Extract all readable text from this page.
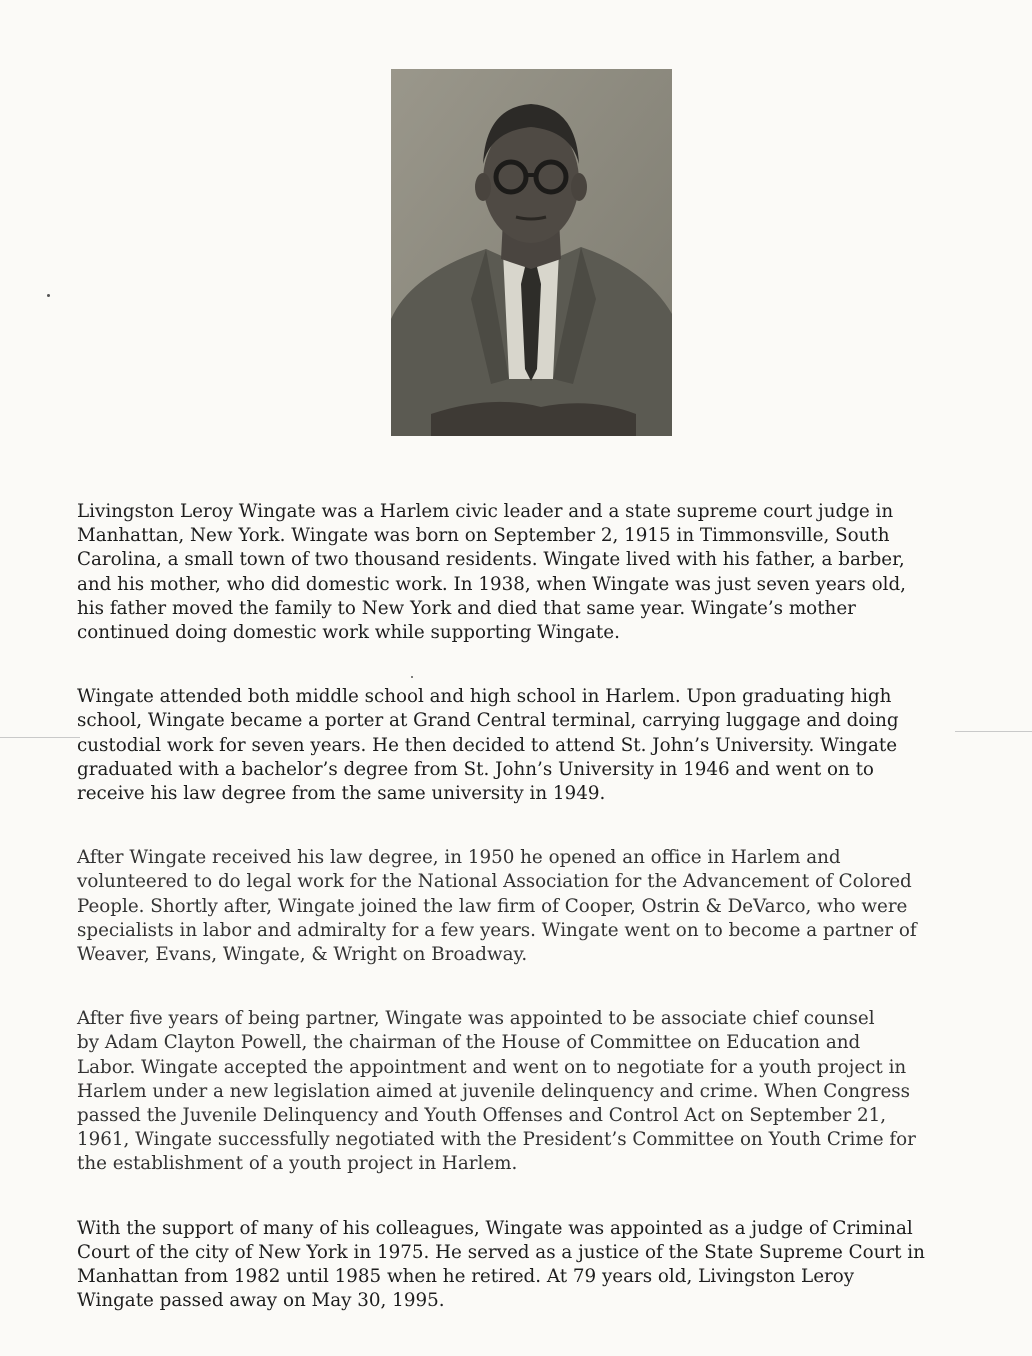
Livingston Leroy Wingate was a Harlem civic leader and a state supreme court judge in
Manhattan, New York. Wingate was born on September 2, 1915 in Timmonsville, South
Carolina, a small town of two thousand residents. Wingate lived with his father, a barber,
and his mother, who did domestic work. In 1938, when Wingate was just seven years old,
his father moved the family to New York and died that same year. Wingate’s mother
continued doing domestic work while supporting Wingate.

Wingate attended both middle school and high school in Harlem. Upon graduating high
school, Wingate became a porter at Grand Central terminal, carrying luggage and doing
custodial work for seven years. He then decided to attend St. John’s University. Wingate
graduated with a bachelor’s degree from St. John’s University in 1946 and went on to
receive his law degree from the same university in 1949.

After Wingate received his law degree, in 1950 he opened an office in Harlem and
volunteered to do legal work for the National Association for the Advancement of Colored
People. Shortly after, Wingate joined the law firm of Cooper, Ostrin & DeVarco, who were
specialists in labor and admiralty for a few years. Wingate went on to become a partner of
Weaver, Evans, Wingate, & Wright on Broadway.

After five years of being partner, Wingate was appointed to be associate chief counsel
by Adam Clayton Powell, the chairman of the House of Committee on Education and
Labor. Wingate accepted the appointment and went on to negotiate for a youth project in
Harlem under a new legislation aimed at juvenile delinquency and crime. When Congress
passed the Juvenile Delinquency and Youth Offenses and Control Act on September 21,
1961, Wingate successfully negotiated with the President’s Committee on Youth Crime for
the establishment of a youth project in Harlem.

With the support of many of his colleagues, Wingate was appointed as a judge of Criminal
Court of the city of New York in 1975. He served as a justice of the State Supreme Court in
Manhattan from 1982 until 1985 when he retired. At 79 years old, Livingston Leroy
Wingate passed away on May 30, 1995.
